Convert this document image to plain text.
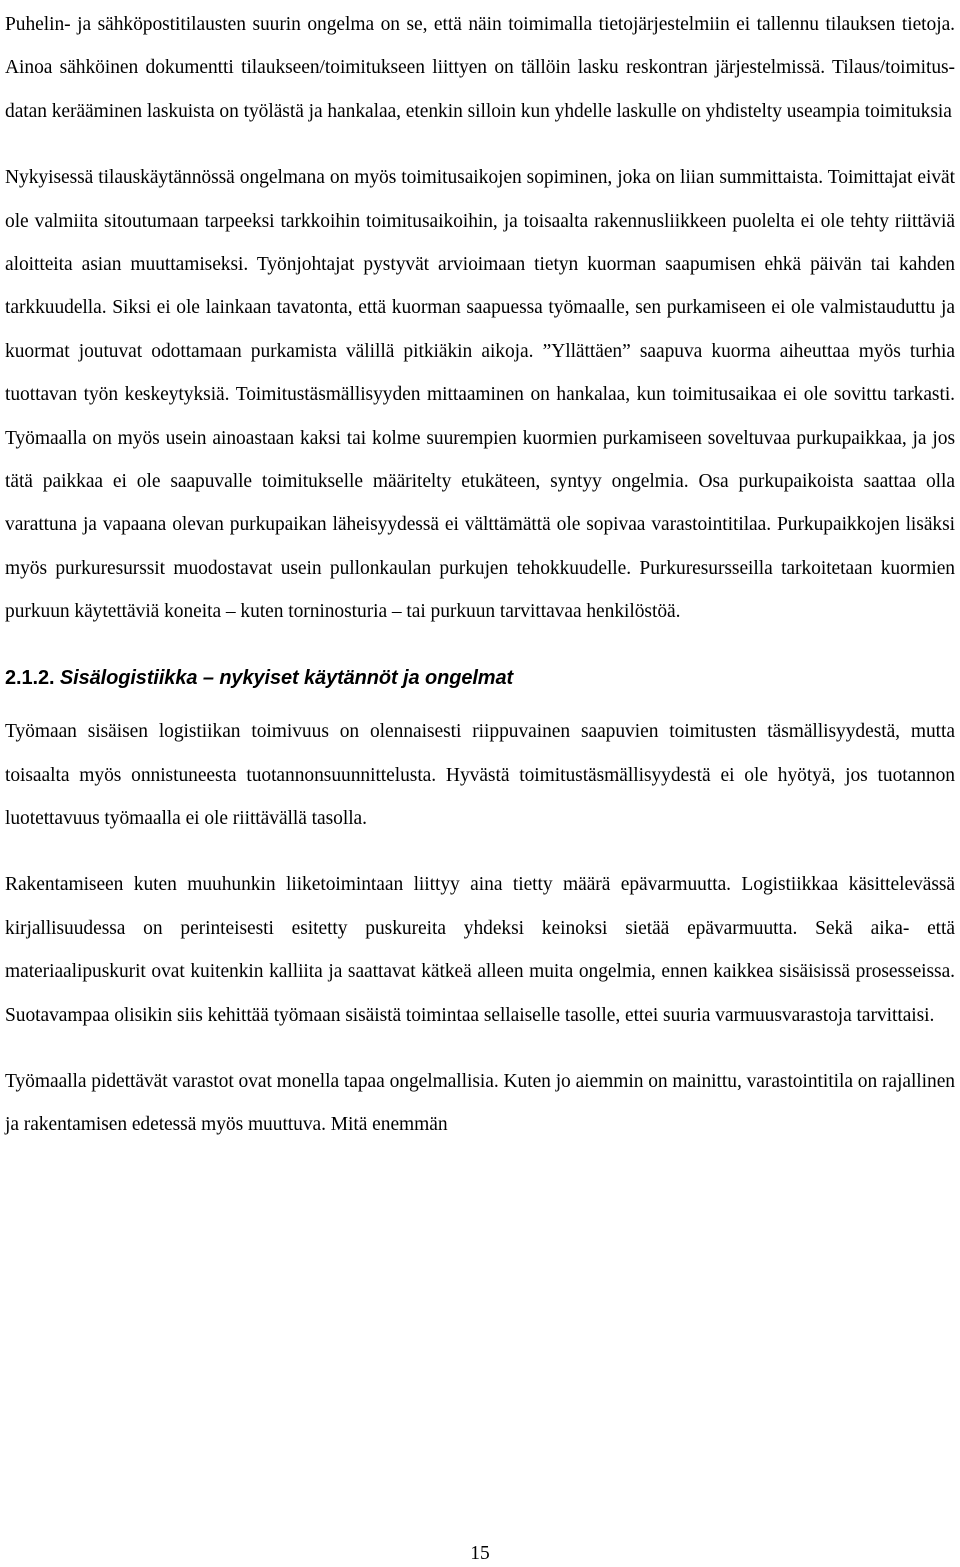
Puhelin- ja sähköpostitilausten suurin ongelma on se, että näin toimimalla tietojärjestelmiin ei tallennu tilauksen tietoja. Ainoa sähköinen dokumentti tilaukseen/toimitukseen liittyen on tällöin lasku reskontran järjestelmissä. Tilaus/toimitus-datan kerääminen laskuista on työlästä ja hankalaa, etenkin silloin kun yhdelle laskulle on yhdistelty useampia toimituksia

Nykyisessä tilauskäytännössä ongelmana on myös toimitusaikojen sopiminen, joka on liian summittaista. Toimittajat eivät ole valmiita sitoutumaan tarpeeksi tarkkoihin toimitusaikoihin, ja toisaalta rakennusliikkeen puolelta ei ole tehty riittäviä aloitteita asian muuttamiseksi. Työnjohtajat pystyvät arvioimaan tietyn kuorman saapumisen ehkä päivän tai kahden tarkkuudella. Siksi ei ole lainkaan tavatonta, että kuorman saapuessa työmaalle, sen purkamiseen ei ole valmistauduttu ja kuormat joutuvat odottamaan purkamista välillä pitkiäkin aikoja. ”Yllättäen” saapuva kuorma aiheuttaa myös turhia tuottavan työn keskeytyksiä. Toimitustäsmällisyyden mittaaminen on hankalaa, kun toimitusaikaa ei ole sovittu tarkasti. Työmaalla on myös usein ainoastaan kaksi tai kolme suurempien kuormien purkamiseen soveltuvaa purkupaikkaa, ja jos tätä paikkaa ei ole saapuvalle toimitukselle määritelty etukäteen, syntyy ongelmia. Osa purkupaikoista saattaa olla varattuna ja vapaana olevan purkupaikan läheisyydessä ei välttämättä ole sopivaa varastointitilaa. Purkupaikkojen lisäksi myös purkuresurssit muodostavat usein pullonkaulan purkujen tehokkuudelle. Purkuresursseilla tarkoitetaan kuormien purkuun käytettäviä koneita – kuten torninosturia – tai purkuun tarvittavaa henkilöstöä.

2.1.2. Sisälogistiikka – nykyiset käytännöt ja ongelmat

Työmaan sisäisen logistiikan toimivuus on olennaisesti riippuvainen saapuvien toimitusten täsmällisyydestä, mutta toisaalta myös onnistuneesta tuotannonsuunnittelusta. Hyvästä toimitustäsmällisyydestä ei ole hyötyä, jos tuotannon luotettavuus työmaalla ei ole riittävällä tasolla.

Rakentamiseen kuten muuhunkin liiketoimintaan liittyy aina tietty määrä epävarmuutta. Logistiikkaa käsittelevässä kirjallisuudessa on perinteisesti esitetty puskureita yhdeksi keinoksi sietää epävarmuutta. Sekä aika- että materiaalipuskurit ovat kuitenkin kalliita ja saattavat kätkeä alleen muita ongelmia, ennen kaikkea sisäisissä prosesseissa. Suotavampaa olisikin siis kehittää työmaan sisäistä toimintaa sellaiselle tasolle, ettei suuria varmuusvarastoja tarvittaisi.

Työmaalla pidettävät varastot ovat monella tapaa ongelmallisia. Kuten jo aiemmin on mainittu, varastointitila on rajallinen ja rakentamisen edetessä myös muuttuva. Mitä enemmän

15
